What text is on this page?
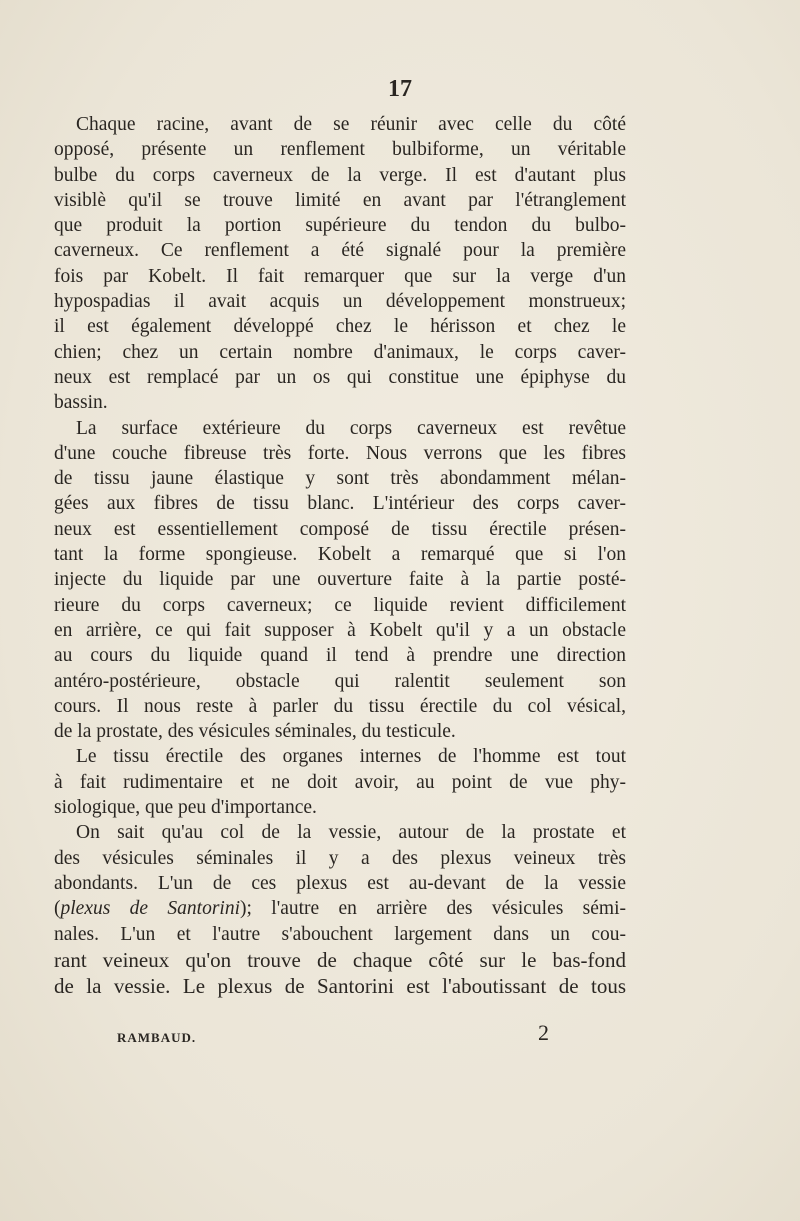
17
Chaque racine, avant de se réunir avec celle du côté
opposé, présente un renflement bulbiforme, un véritable
bulbe du corps caverneux de la verge. Il est d'autant plus
visiblè qu'il se trouve limité en avant par l'étranglement
que produit la portion supérieure du tendon du bulbo-
caverneux. Ce renflement a été signalé pour la première
fois par Kobelt. Il fait remarquer que sur la verge d'un
hypospadias il avait acquis un développement monstrueux;
il est également développé chez le hérisson et chez le
chien; chez un certain nombre d'animaux, le corps caver-
neux est remplacé par un os qui constitue une épiphyse du
bassin.
La surface extérieure du corps caverneux est revêtue
d'une couche fibreuse très forte. Nous verrons que les fibres
de tissu jaune élastique y sont très abondamment mélan-
gées aux fibres de tissu blanc. L'intérieur des corps caver-
neux est essentiellement composé de tissu érectile présen-
tant la forme spongieuse. Kobelt a remarqué que si l'on
injecte du liquide par une ouverture faite à la partie posté-
rieure du corps caverneux; ce liquide revient difficilement
en arrière, ce qui fait supposer à Kobelt qu'il y a un obstacle
au cours du liquide quand il tend à prendre une direction
antéro-postérieure, obstacle qui ralentit seulement son
cours. Il nous reste à parler du tissu érectile du col vésical,
de la prostate, des vésicules séminales, du testicule.
Le tissu érectile des organes internes de l'homme est tout
à fait rudimentaire et ne doit avoir, au point de vue phy-
siologique, que peu d'importance.
On sait qu'au col de la vessie, autour de la prostate et
des vésicules séminales il y a des plexus veineux très
abondants. L'un de ces plexus est au-devant de la vessie
(plexus de Santorini); l'autre en arrière des vésicules sémi-
nales. L'un et l'autre s'abouchent largement dans un cou-
rant veineux qu'on trouve de chaque côté sur le bas-fond
de la vessie. Le plexus de Santorini est l'aboutissant de tous
RAMBAUD.	2
